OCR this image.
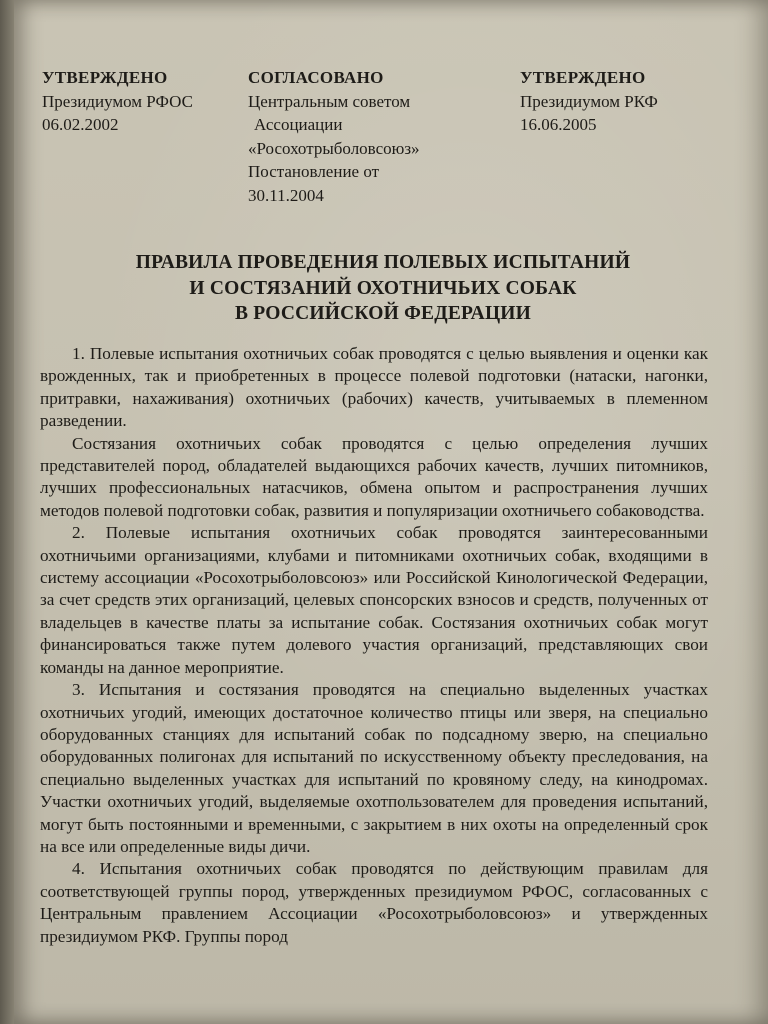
УТВЕРЖДЕНО
Президиумом РФОС
06.02.2002
СОГЛАСОВАНО
Центральным советом
Ассоциации
«Росохотрыболовсоюз»
Постановление от
30.11.2004
УТВЕРЖДЕНО
Президиумом РКФ
16.06.2005
ПРАВИЛА ПРОВЕДЕНИЯ ПОЛЕВЫХ ИСПЫТАНИЙ
И СОСТЯЗАНИЙ ОХОТНИЧЬИХ СОБАК
В РОССИЙСКОЙ ФЕДЕРАЦИИ

1. Полевые испытания охотничьих собак проводятся с целью выявления и оценки как врожденных, так и приобретенных в процессе полевой подготовки (натаски, нагонки, притравки, нахаживания) охотничьих (рабочих) качеств, учитываемых в племенном разведении.

Состязания охотничьих собак проводятся с целью определения лучших представителей пород, обладателей выдающихся рабочих качеств, лучших питомников, лучших профессиональных натасчиков, обмена опытом и распространения лучших методов полевой подготовки собак, развития и популяризации охотничьего собаководства.

2. Полевые испытания охотничьих собак проводятся заинтересованными охотничьими организациями, клубами и питомниками охотничьих собак, входящими в систему ассоциации «Росохотрыболовсоюз» или Российской Кинологической Федерации, за счет средств этих организаций, целевых спонсорских взносов и средств, полученных от владельцев в качестве платы за испытание собак. Состязания охотничьих собак могут финансироваться также путем долевого участия организаций, представляющих свои команды на данное мероприятие.

3. Испытания и состязания проводятся на специально выделенных участках охотничьих угодий, имеющих достаточное количество птицы или зверя, на специально оборудованных станциях для испытаний собак по подсадному зверю, на специально оборудованных полигонах для испытаний по искусственному объекту преследования, на специально выделенных участках для испытаний по кровяному следу, на кинодромах. Участки охотничьих угодий, выделяемые охотпользователем для проведения испытаний, могут быть постоянными и временными, с закрытием в них охоты на определенный срок на все или определенные виды дичи.

4. Испытания охотничьих собак проводятся по действующим правилам для соответствующей группы пород, утвержденных президиумом РФОС, согласованных с Центральным правлением Ассоциации «Росохотрыболовсоюз» и утвержденных президиумом РКФ. Группы пород
